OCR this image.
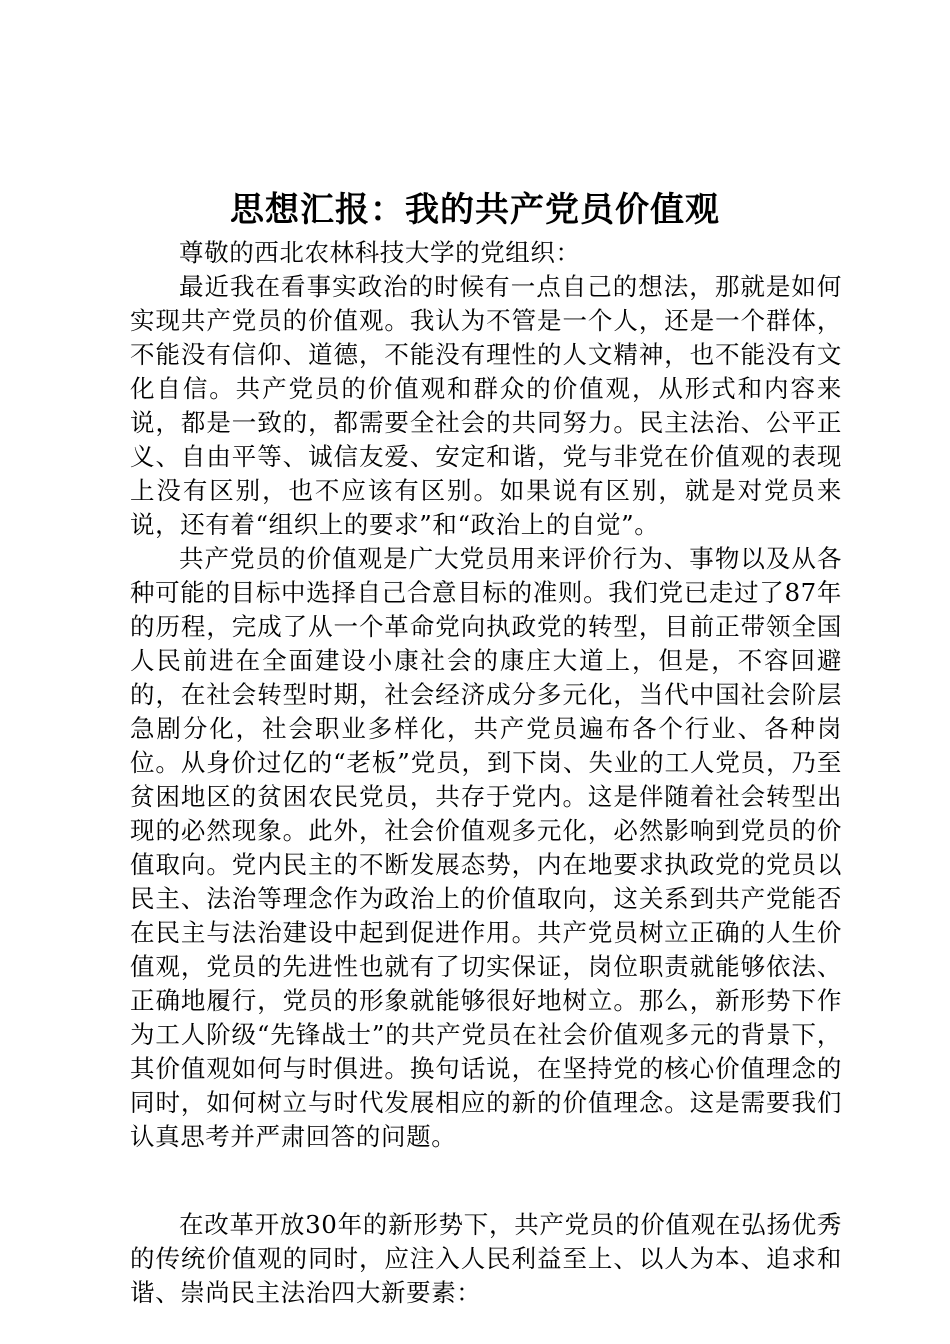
思想汇报：我的共产党员价值观

尊敬的西北农林科技大学的党组织：

最近我在看事实政治的时候有一点自己的想法，那就是如何实现共产党员的价值观。我认为不管是一个人，还是一个群体，不能没有信仰、道德，不能没有理性的人文精神，也不能没有文化自信。共产党员的价值观和群众的价值观，从形式和内容来说，都是一致的，都需要全社会的共同努力。民主法治、公平正义、自由平等、诚信友爱、安定和谐，党与非党在价值观的表现上没有区别，也不应该有区别。如果说有区别，就是对党员来说，还有着“组织上的要求”和“政治上的自觉”。

共产党员的价值观是广大党员用来评价行为、事物以及从各种可能的目标中选择自己合意目标的准则。我们党已走过了87年的历程，完成了从一个革命党向执政党的转型，目前正带领全国人民前进在全面建设小康社会的康庄大道上，但是，不容回避的，在社会转型时期，社会经济成分多元化，当代中国社会阶层急剧分化，社会职业多样化，共产党员遍布各个行业、各种岗位。从身价过亿的“老板”党员，到下岗、失业的工人党员，乃至贫困地区的贫困农民党员，共存于党内。这是伴随着社会转型出现的必然现象。此外，社会价值观多元化，必然影响到党员的价值取向。党内民主的不断发展态势，内在地要求执政党的党员以民主、法治等理念作为政治上的价值取向，这关系到共产党能否在民主与法治建设中起到促进作用。共产党员树立正确的人生价值观，党员的先进性也就有了切实保证，岗位职责就能够依法、正确地履行，党员的形象就能够很好地树立。那么，新形势下作为工人阶级“先锋战士”的共产党员在社会价值观多元的背景下，其价值观如何与时俱进。换句话说，在坚持党的核心价值理念的同时，如何树立与时代发展相应的新的价值理念。这是需要我们认真思考并严肃回答的问题。

在改革开放30年的新形势下，共产党员的价值观在弘扬优秀的传统价值观的同时，应注入人民利益至上、以人为本、追求和谐、崇尚民主法治四大新要素：
